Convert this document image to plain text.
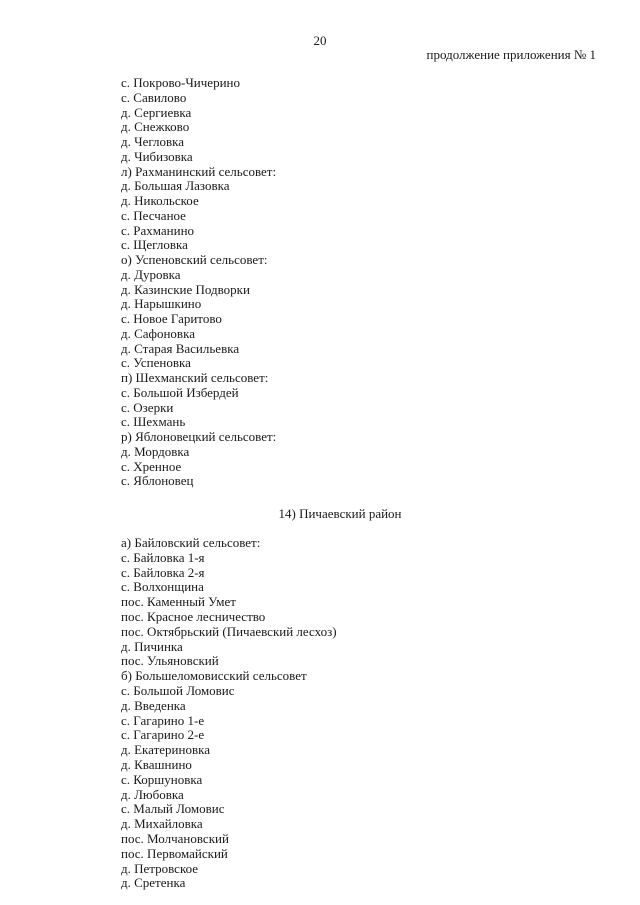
20
продолжение приложения № 1
с. Покрово-Чичерино
с. Савилово
д. Сергиевка
д. Снежково
д. Чегловка
д. Чибизовка
л) Рахманинский сельсовет:
д. Большая Лазовка
д. Никольское
с. Песчаное
с. Рахманино
с. Щегловка
о) Успеновский сельсовет:
д. Дуровка
д. Казинские Подворки
д. Нарышкино
с. Новое Гаритово
д. Сафоновка
д. Старая Васильевка
с. Успеновка
п) Шехманский сельсовет:
с. Большой Избердей
с. Озерки
с. Шехмань
р) Яблоновецкий сельсовет:
д. Мордовка
с. Хренное
с. Яблоновец
14) Пичаевский район
а) Байловский сельсовет:
с. Байловка 1-я
с. Байловка 2-я
с. Волхонщина
пос. Каменный Умет
пос. Красное лесничество
пос. Октябрьский (Пичаевский лесхоз)
д. Пичинка
пос. Ульяновский
б) Большеломовисский сельсовет
с. Большой Ломовис
д. Введенка
с. Гагарино 1-е
с. Гагарино 2-е
д. Екатериновка
д. Квашнино
с. Коршуновка
д. Любовка
с. Малый Ломовис
д. Михайловка
пос. Молчановский
пос. Первомайский
д. Петровское
д. Сретенка
